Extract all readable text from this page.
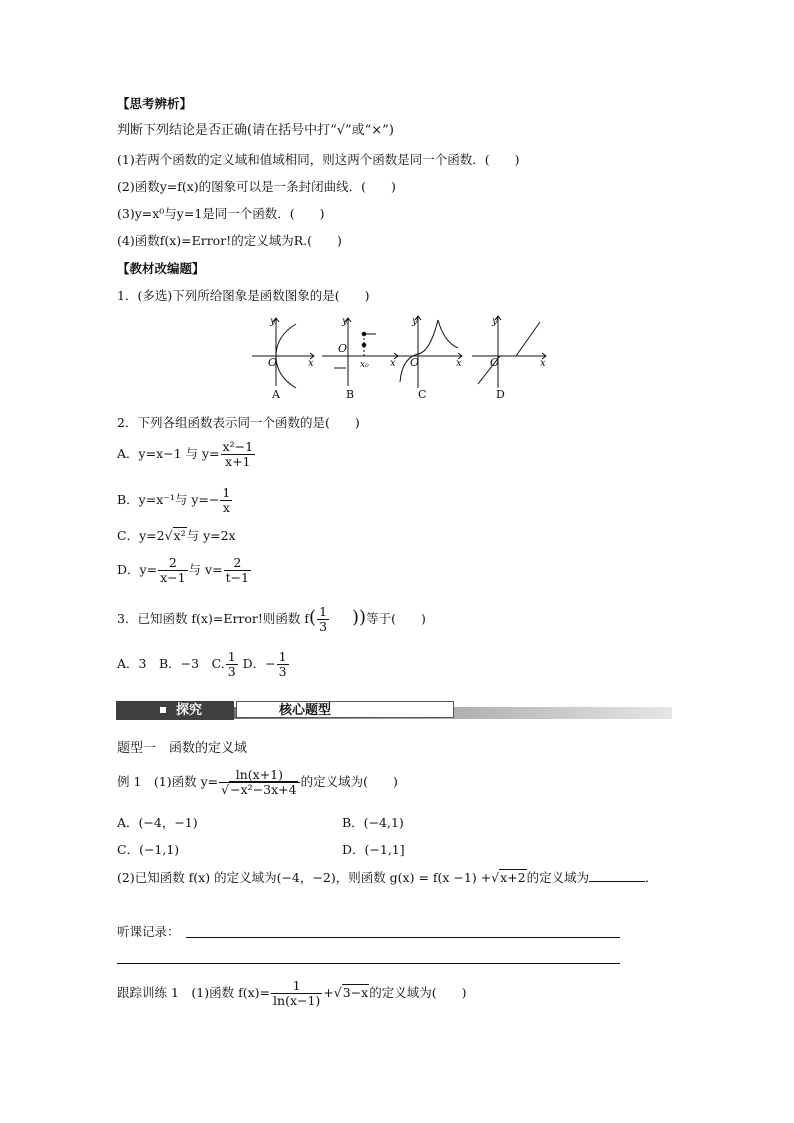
【思考辨析】
判断下列结论是否正确(请在括号中打“√”或“×”)
(1)若两个函数的定义域和值域相同，则这两个函数是同一个函数．(　　)
(2)函数y=f(x)的图象可以是一条封闭曲线．(　　)
(3)y=x⁰与y=1是同一个函数．(　　)
(4)函数f(x)=Error!的定义域为R.(　　)
【教材改编题】
1．(多选)下列所给图象是函数图象的是(　　)
y
O	x
y
O
x
x₀
y
O	x
y
O	x
A	B	C	D
2．下列各组函数表示同一个函数的是(　　)
A．y=x−1 与 $y= \frac{\text{x²−1}}{x+1}$
B．y=x⁻¹与 $y=- \frac{1}{x}$
C．y=2√x²与 y=2x
D．$y= \frac{2}{x-1}$ 与 $v= \frac{2}{t-1}$
3．已知函数 f(x)=Error!则函数 $f( \frac{1}{3}$ ))等于(　　)
A．3　B．−3　C. $\frac{1}{3}$ D．− $\frac{1}{3}$
探究	核心题型
题型一　函数的定义域
例 1　(1)函数 $y= \frac{\ln(x+1)}{\text{√−x²−3x+4}}$ 的定义域为(　　)
A．(−4，−1)	B．(−4,1)
C．(−1,1)	D．(−1,1]
(2)已知函数 f(x) 的定义域为(−4，−2)，则函数 g(x) = f(x −1) +√x+2的定义域为	．
听课记录：
跟踪训练 1　(1)函数 $f(x)= \frac{1}{\ln(x-1)} +√3-x$的定义域为(　　)
